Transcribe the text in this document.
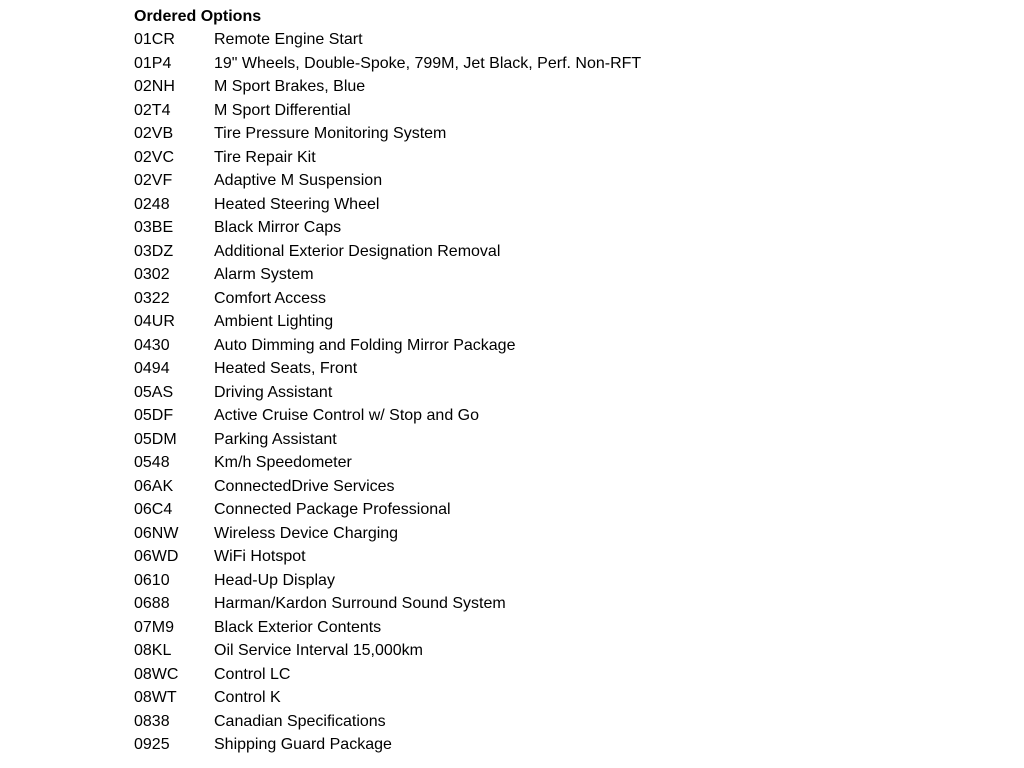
Ordered Options
01CR	Remote Engine Start
01P4	19" Wheels, Double-Spoke, 799M, Jet Black, Perf. Non-RFT
02NH	M Sport Brakes, Blue
02T4	M Sport Differential
02VB	Tire Pressure Monitoring System
02VC	Tire Repair Kit
02VF	Adaptive M Suspension
0248	Heated Steering Wheel
03BE	Black Mirror Caps
03DZ	Additional Exterior Designation Removal
0302	Alarm System
0322	Comfort Access
04UR	Ambient Lighting
0430	Auto Dimming and Folding Mirror Package
0494	Heated Seats, Front
05AS	Driving Assistant
05DF	Active Cruise Control w/ Stop and Go
05DM	Parking Assistant
0548	Km/h Speedometer
06AK	ConnectedDrive Services
06C4	Connected Package Professional
06NW	Wireless Device Charging
06WD	WiFi Hotspot
0610	Head-Up Display
0688	Harman/Kardon Surround Sound System
07M9	Black Exterior Contents
08KL	Oil Service Interval 15,000km
08WC	Control LC
08WT	Control K
0838	Canadian Specifications
0925	Shipping Guard Package
